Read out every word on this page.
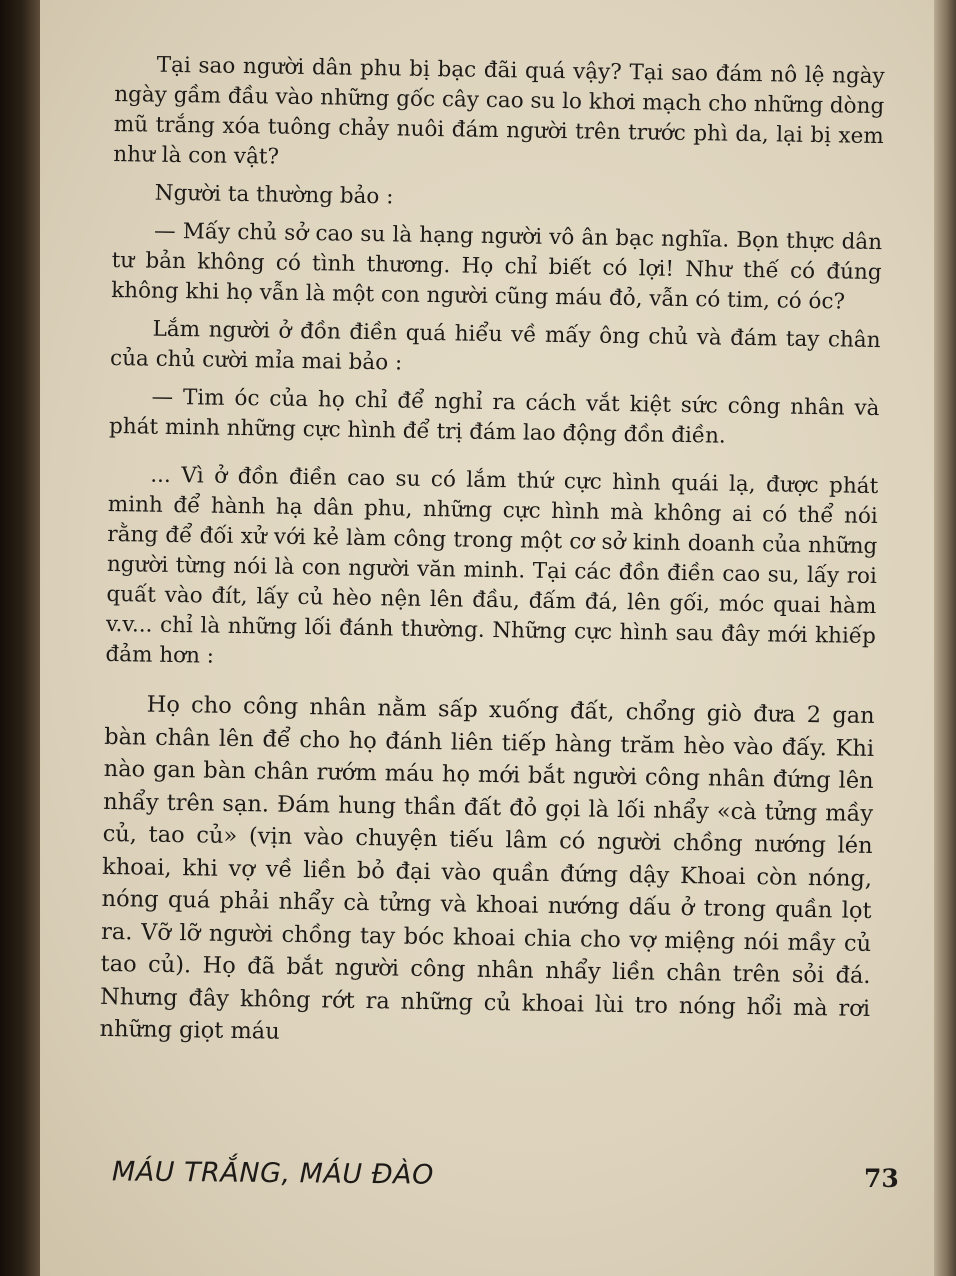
Tại sao người dân phu bị bạc đãi quá vậy? Tại sao đám nô lệ ngày ngày gầm đầu vào những gốc cây cao su lo khơi mạch cho những dòng mũ trắng xóa tuông chảy nuôi đám người trên trước phì da, lại bị xem như là con vật?

Người ta thường bảo :

— Mấy chủ sở cao su là hạng người vô ân bạc nghĩa. Bọn thực dân tư bản không có tình thương. Họ chỉ biết có lợi! Như thế có đúng không khi họ vẫn là một con người cũng máu đỏ, vẫn có tim, có óc?

Lắm người ở đồn điền quá hiểu về mấy ông chủ và đám tay chân của chủ cười mỉa mai bảo :

— Tim óc của họ chỉ để nghỉ ra cách vắt kiệt sức công nhân và phát minh những cực hình để trị đám lao động đồn điền.

... Vì ở đồn điền cao su có lắm thứ cực hình quái lạ, được phát minh để hành hạ dân phu, những cực hình mà không ai có thể nói rằng để đối xử với kẻ làm công trong một cơ sở kinh doanh của những người từng nói là con người văn minh. Tại các đồn điền cao su, lấy roi quất vào đít, lấy củ hèo nện lên đầu, đấm đá, lên gối, móc quai hàm v.v... chỉ là những lối đánh thường. Những cực hình sau đây mới khiếp đảm hơn :

Họ cho công nhân nằm sấp xuống đất, chổng giò đưa 2 gan bàn chân lên để cho họ đánh liên tiếp hàng trăm hèo vào đấy. Khi nào gan bàn chân rướm máu họ mới bắt người công nhân đứng lên nhẩy trên sạn. Đám hung thần đất đỏ gọi là lối nhẩy «cà tửng mầy củ, tao củ» (vịn vào chuyện tiếu lâm có người chồng nướng lén khoai, khi vợ về liền bỏ đại vào quần đứng dậy Khoai còn nóng, nóng quá phải nhẩy cà tửng và khoai nướng dấu ở trong quần lọt ra. Vỡ lỡ người chồng tay bóc khoai chia cho vợ miệng nói mầy củ tao củ). Họ đã bắt người công nhân nhẩy liền chân trên sỏi đá. Nhưng đây không rớt ra những củ khoai lùi tro nóng hổi mà rơi những giọt máu

MÁU TRẮNG, MÁU ĐÀO	73
